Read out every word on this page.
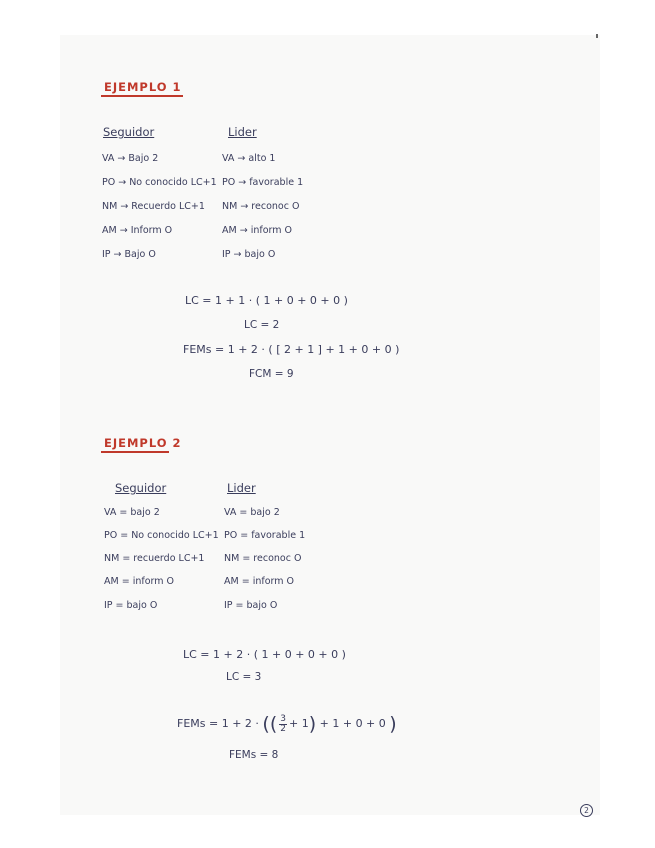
EJEMPLO 1
Seguidor	Lider
VA → Bajo 2
PO → No conocido LC+1
NM → Recuerdo LC+1
AM → Inform O
IP → Bajo O
VA → alto 1
PO → favorable 1
NM → reconoc O
AM → inform O
IP → bajo O
LC = 1 + 1 · ( 1 + 0 + 0 + 0 )
LC = 2
FEMs = 1 + 2 · ( [ 2 + 1 ] + 1 + 0 + 0 )
FCM = 9
EJEMPLO 2
Seguidor	Lider
VA = bajo 2
PO = No conocido LC+1
NM = recuerdo LC+1
AM = inform O
IP = bajo O
VA = bajo 2
PO = favorable 1
NM = reconoc O
AM = inform O
IP = bajo O
LC = 1 + 2 · ( 1 + 0 + 0 + 0 )
LC = 3
FEMs = 1 + 2 · (( $\frac{3}{2} + 1) + 1 + 0 + 0$ )
FEMs = 8
2
